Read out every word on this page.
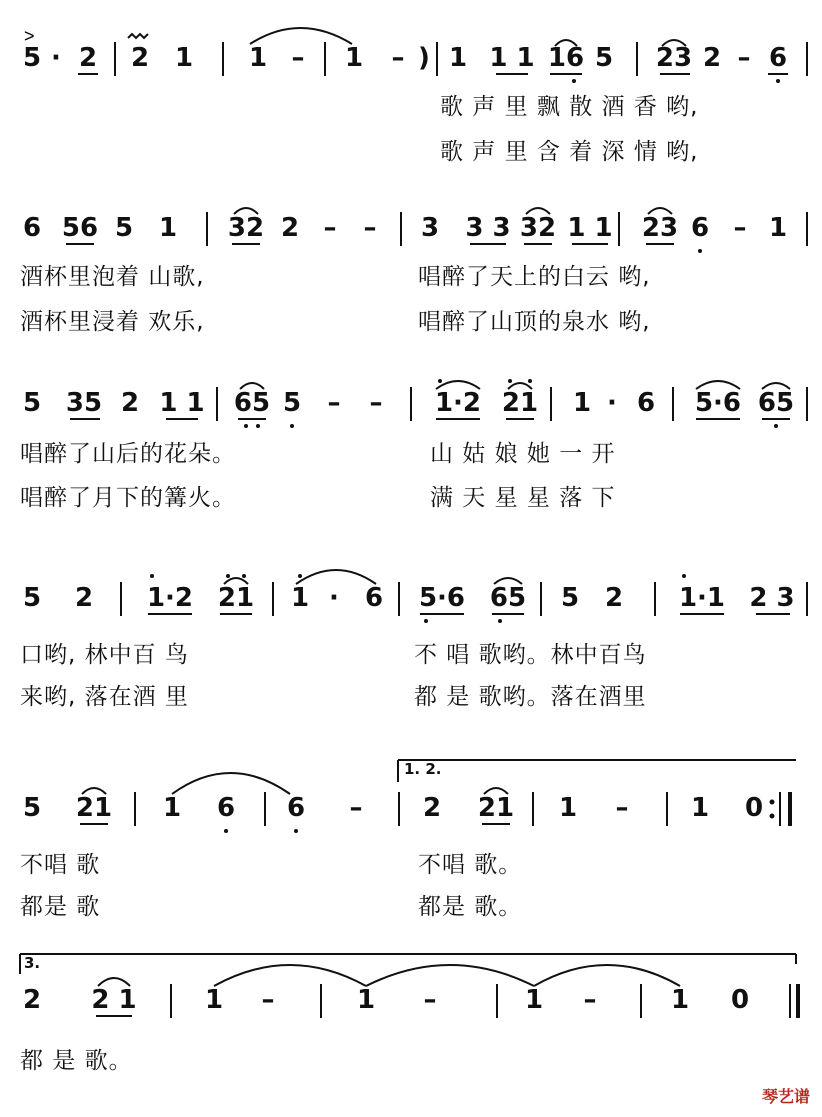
5 · 2 2 1 1 – 1 – ) 1 1 1 16 5 23 2 – 6
>
歌 声 里 飘 散 酒 香 哟,
歌 声 里 含 着 深 情 哟,
6 56 5 1 32 2 – – 3 3 3 32 1 1 23 6 – 1
酒杯里泡着 山歌,	唱醉了天上的白云 哟,
酒杯里浸着 欢乐,	唱醉了山顶的泉水 哟,
5 35 2 1 1 65 5 – – 1·2 21 1 · 6 5·6 65
唱醉了山后的花朵。	山 姑 娘 她 一 开
唱醉了月下的篝火。	满 天 星 星 落 下
5 2 1·2 21 1 · 6 5·6 65 5 2 1·1 2 3
口哟, 林中百 鸟	不 唱 歌哟。林中百鸟
来哟, 落在酒 里	都 是 歌哟。落在酒里
1. 2.
5 21 1 6 6 – 2 21 1 – 1 0
不唱 歌	不唱 歌。
都是 歌	都是 歌。
3.
2 2 1	1 –	1 –	1 –	1 0
都 是 歌。
琴艺谱
